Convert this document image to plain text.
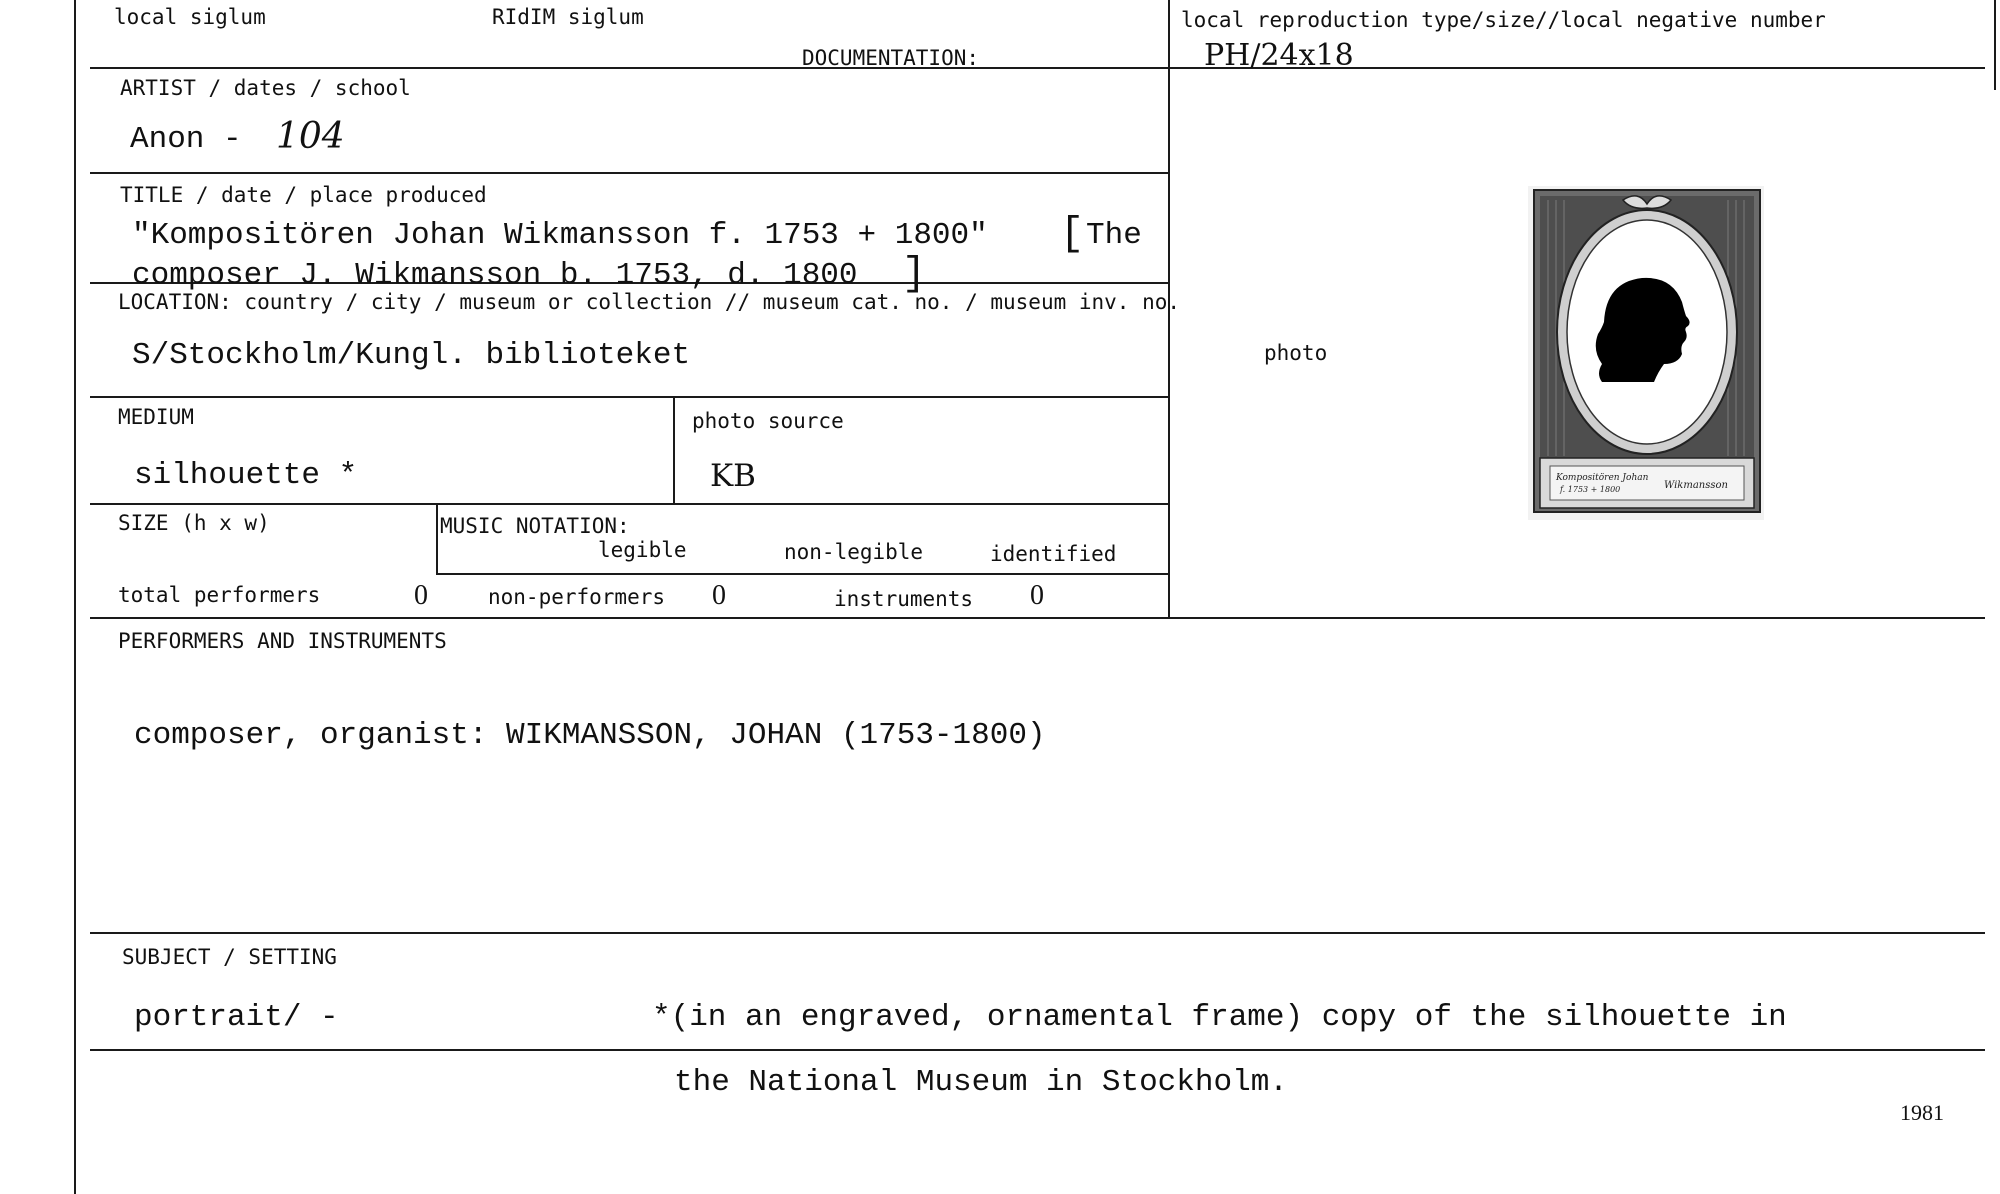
local siglum	RIdIM siglum
DOCUMENTATION:
local reproduction type/size//local negative number
PH/24x18
ARTIST / dates / school
Anon - 104
TITLE / date / place produced
"Kompositören Johan Wikmansson f. 1753 + 1800" [ The
composer J. Wikmansson b. 1753, d. 1800 ]
LOCATION: country / city / museum or collection // museum cat. no. / museum inv. no.
S/Stockholm/Kungl. biblioteket	photo
Kompositören Johan
f. 1753 + 1800	Wikmansson
MEDIUM
silhouette *
photo source
KB
SIZE (h x w)	MUSIC NOTATION:
legible	non-legible	identified
total performers	0	non-performers 0	instruments 0
PERFORMERS AND INSTRUMENTS
composer, organist: WIKMANSSON, JOHAN (1753-1800)
SUBJECT / SETTING
portrait/ -	*(in an engraved, ornamental frame) copy of the silhouette in
the National Museum in Stockholm.
1981
